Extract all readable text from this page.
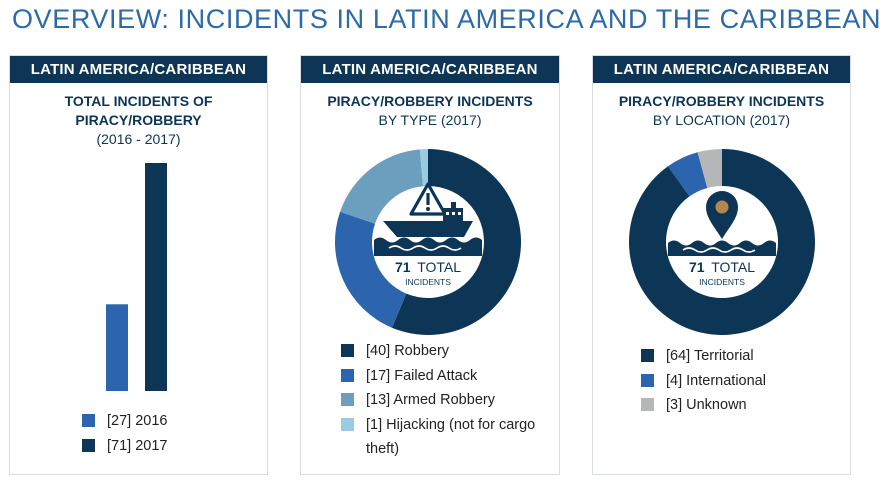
OVERVIEW: INCIDENTS IN LATIN AMERICA AND THE CARIBBEAN
LATIN AMERICA/CARIBBEAN
TOTAL INCIDENTS OF PIRACY/ROBBERY
(2016 - 2017)
[27] 2016
[71] 2017
LATIN AMERICA/CARIBBEAN
PIRACY/ROBBERY INCIDENTS
BY TYPE (2017)
71 TOTAL
INCIDENTS
[40] Robbery
[17] Failed Attack
[13] Armed Robbery
[1] Hijacking (not for cargo theft)
LATIN AMERICA/CARIBBEAN
PIRACY/ROBBERY INCIDENTS
BY LOCATION (2017)
71 TOTAL
INCIDENTS
[64] Territorial
[4] International
[3] Unknown
